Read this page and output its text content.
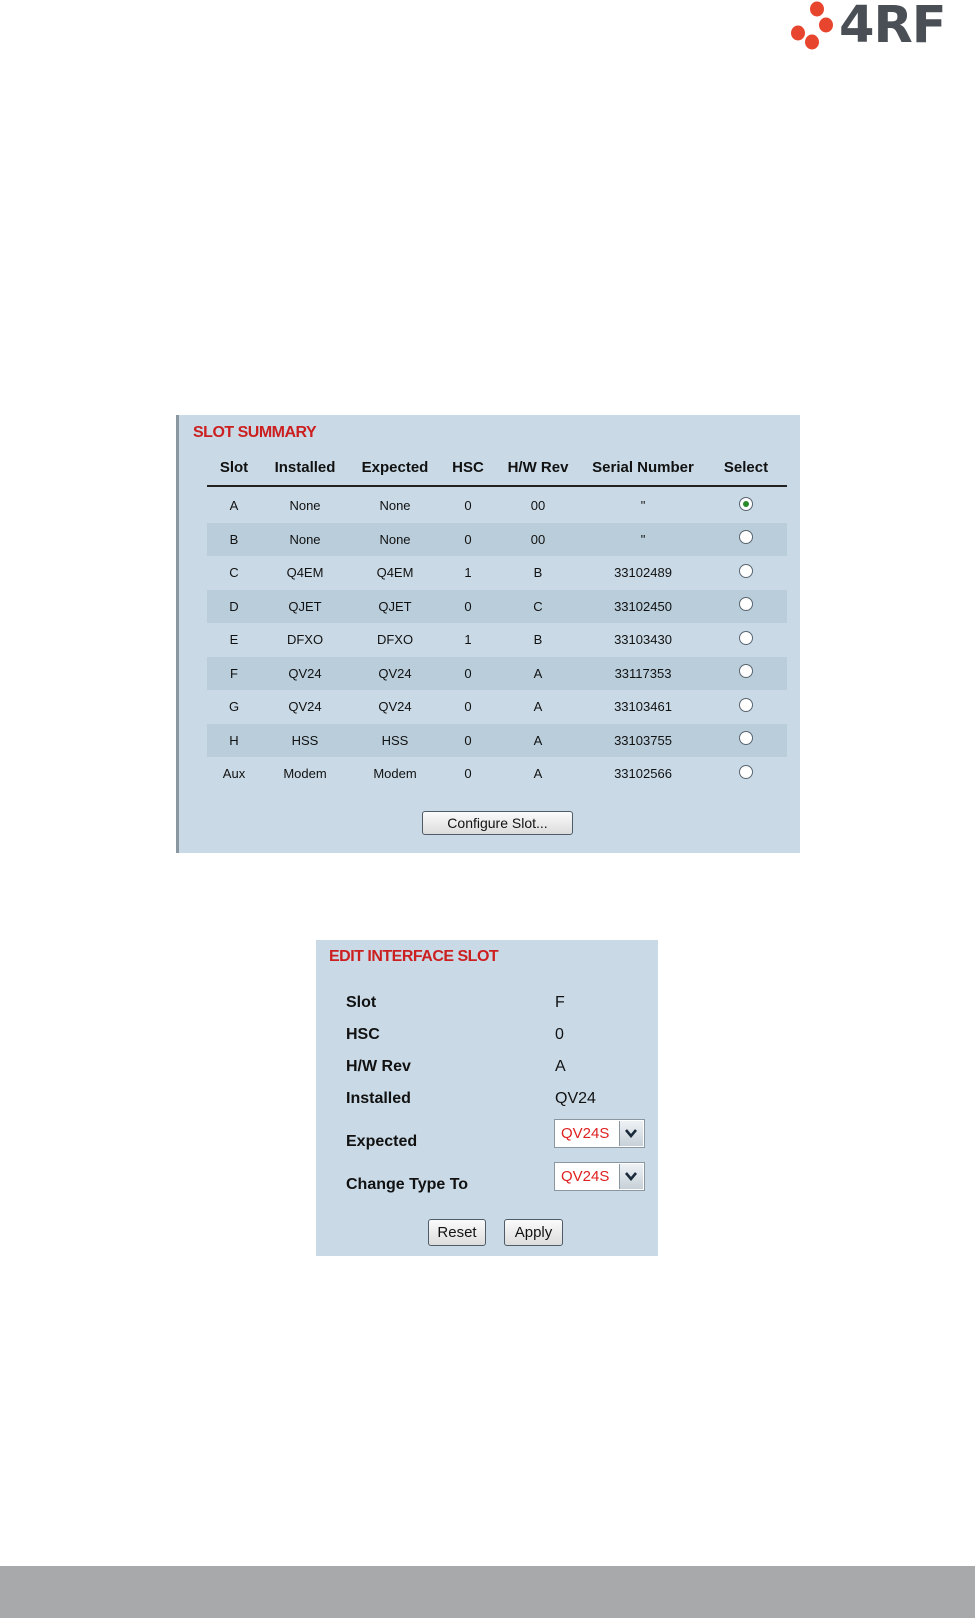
4RF
SLOT SUMMARY
Slot	Installed	Expected	HSC	H/W Rev	Serial Number	Select
A	None	None	0	00	"	
B	None	None	0	00	"	
C	Q4EM	Q4EM	1	B	33102489	
D	QJET	QJET	0	C	33102450	
E	DFXO	DFXO	1	B	33103430	
F	QV24	QV24	0	A	33117353	
G	QV24	QV24	0	A	33103461	
H	HSS	HSS	0	A	33103755	
Aux	Modem	Modem	0	A	33102566	
Configure Slot...
EDIT INTERFACE SLOT
Slot	F
HSC	0
H/W Rev	A
Installed	QV24
Expected	QV24S
Change Type To	QV24S
Reset	Apply
